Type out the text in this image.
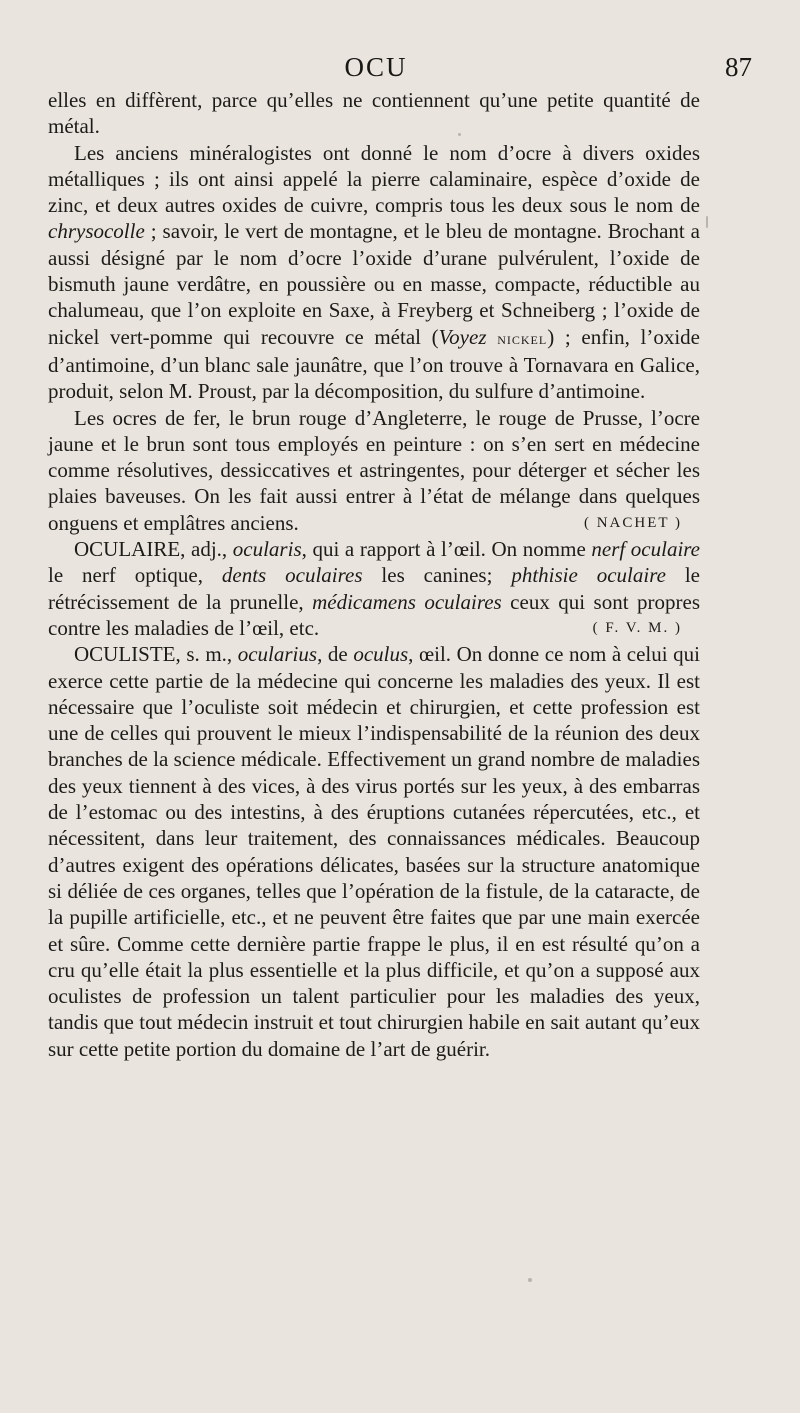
OCU	87

elles en diffèrent, parce qu’elles ne contiennent qu’une petite quantité de métal.

Les anciens minéralogistes ont donné le nom d’ocre à divers oxides métalliques ; ils ont ainsi appelé la pierre calaminaire, espèce d’oxide de zinc, et deux autres oxides de cuivre, compris tous les deux sous le nom de chrysocolle ; savoir, le vert de montagne, et le bleu de montagne. Brochant a aussi désigné par le nom d’ocre l’oxide d’urane pulvérulent, l’oxide de bismuth jaune verdâtre, en poussière ou en masse, compacte, réductible au chalumeau, que l’on exploite en Saxe, à Freyberg et Schneiberg ; l’oxide de nickel vert-pomme qui recouvre ce métal (Voyez nickel) ; enfin, l’oxide d’antimoine, d’un blanc sale jaunâtre, que l’on trouve à Tornavara en Galice, produit, selon M. Proust, par la décomposition, du sulfure d’antimoine.

Les ocres de fer, le brun rouge d’Angleterre, le rouge de Prusse, l’ocre jaune et le brun sont tous employés en peinture : on s’en sert en médecine comme résolutives, dessiccatives et astringentes, pour déterger et sécher les plaies baveuses. On les fait aussi entrer à l’état de mélange dans quelques onguens et emplâtres anciens.	( NACHET )

OCULAIRE, adj., ocularis, qui a rapport à l’œil. On nomme nerf oculaire le nerf optique, dents oculaires les canines; phthisie oculaire le rétrécissement de la prunelle, médicamens oculaires ceux qui sont propres contre les maladies de l’œil, etc.	( F. V. M. )

OCULISTE, s. m., ocularius, de oculus, œil. On donne ce nom à celui qui exerce cette partie de la médecine qui concerne les maladies des yeux. Il est nécessaire que l’oculiste soit médecin et chirurgien, et cette profession est une de celles qui prouvent le mieux l’indispensabilité de la réunion des deux branches de la science médicale. Effectivement un grand nombre de maladies des yeux tiennent à des vices, à des virus portés sur les yeux, à des embarras de l’estomac ou des intestins, à des éruptions cutanées répercutées, etc., et nécessitent, dans leur traitement, des connaissances médicales. Beaucoup d’autres exigent des opérations délicates, basées sur la structure anatomique si déliée de ces organes, telles que l’opération de la fistule, de la cataracte, de la pupille artificielle, etc., et ne peuvent être faites que par une main exercée et sûre. Comme cette dernière partie frappe le plus, il en est résulté qu’on a cru qu’elle était la plus essentielle et la plus difficile, et qu’on a supposé aux oculistes de profession un talent particulier pour les maladies des yeux, tandis que tout médecin instruit et tout chirurgien habile en sait autant qu’eux sur cette petite portion du domaine de l’art de guérir.
